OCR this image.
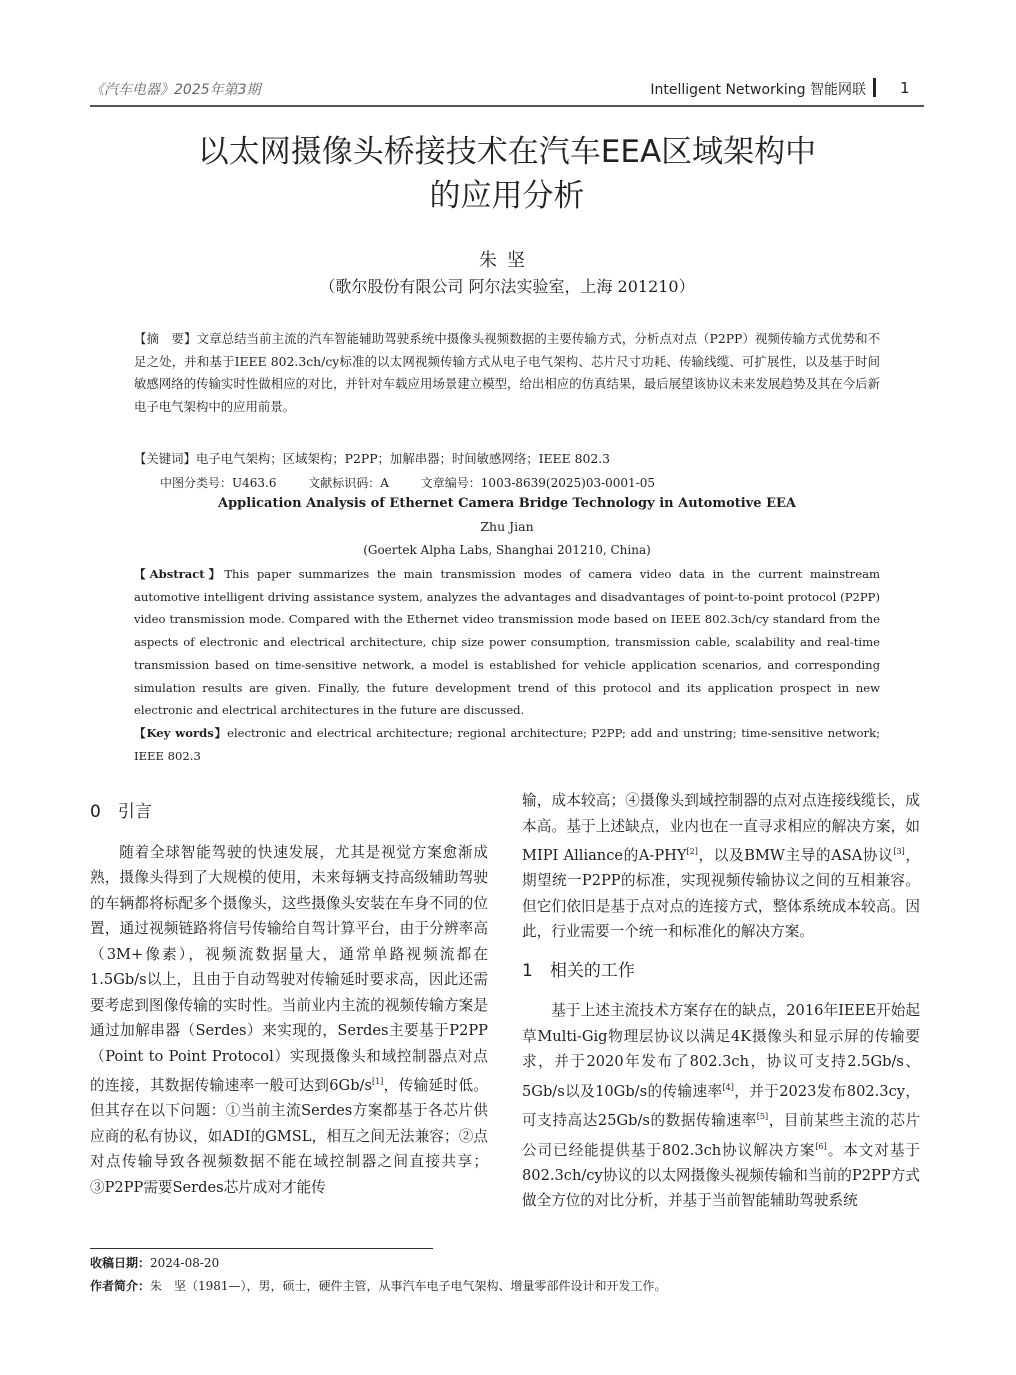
《汽车电器》2025年第3期	Intelligent Networking 智能网联 1
以太网摄像头桥接技术在汽车EEA区域架构中
的应用分析
朱坚
（歌尔股份有限公司 阿尔法实验室，上海 201210）
【摘　要】文章总结当前主流的汽车智能辅助驾驶系统中摄像头视频数据的主要传输方式，分析点对点（P2PP）视频传输方式优势和不足之处，并和基于IEEE 802.3ch/cy标准的以太网视频传输方式从电子电气架构、芯片尺寸功耗、传输线缆、可扩展性，以及基于时间敏感网络的传输实时性做相应的对比，并针对车载应用场景建立模型，给出相应的仿真结果，最后展望该协议未来发展趋势及其在今后新电子电气架构中的应用前景。
【关键词】电子电气架构；区域架构；P2PP；加解串器；时间敏感网络；IEEE 802.3
中图分类号：U463.6	文献标识码：A	文章编号：1003-8639(2025)03-0001-05
Application Analysis of Ethernet Camera Bridge Technology in Automotive EEA
Zhu Jian
(Goertek Alpha Labs, Shanghai 201210, China)
【Abstract】This paper summarizes the main transmission modes of camera video data in the current mainstream automotive intelligent driving assistance system, analyzes the advantages and disadvantages of point-to-point protocol (P2PP) video transmission mode. Compared with the Ethernet video transmission mode based on IEEE 802.3ch/cy standard from the aspects of electronic and electrical architecture, chip size power consumption, transmission cable, scalability and real-time transmission based on time-sensitive network, a model is established for vehicle application scenarios, and corresponding simulation results are given. Finally, the future development trend of this protocol and its application prospect in new electronic and electrical architectures in the future are discussed.
【Key words】electronic and electrical architecture; regional architecture; P2PP; add and unstring; time-sensitive network; IEEE 802.3
0　引言
随着全球智能驾驶的快速发展，尤其是视觉方案愈渐成熟，摄像头得到了大规模的使用，未来每辆支持高级辅助驾驶的车辆都将标配多个摄像头，这些摄像头安装在车身不同的位置，通过视频链路将信号传输给自驾计算平台，由于分辨率高（3M+像素），视频流数据量大，通常单路视频流都在1.5Gb/s以上，且由于自动驾驶对传输延时要求高，因此还需要考虑到图像传输的实时性。当前业内主流的视频传输方案是通过加解串器（Serdes）来实现的，Serdes主要基于P2PP（Point to Point Protocol）实现摄像头和域控制器点对点的连接，其数据传输速率一般可达到6Gb/s[1]，传输延时低。但其存在以下问题：①当前主流Serdes方案都基于各芯片供应商的私有协议，如ADI的GMSL，相互之间无法兼容；②点对点传输导致各视频数据不能在域控制器之间直接共享；③P2PP需要Serdes芯片成对才能传
输，成本较高；④摄像头到域控制器的点对点连接线缆长，成本高。基于上述缺点，业内也在一直寻求相应的解决方案，如MIPI Alliance的A-PHY[2]，以及BMW主导的ASA协议[3]，期望统一P2PP的标准，实现视频传输协议之间的互相兼容。但它们依旧是基于点对点的连接方式，整体系统成本较高。因此，行业需要一个统一和标准化的解决方案。
1　相关的工作
基于上述主流技术方案存在的缺点，2016年IEEE开始起草Multi-Gig物理层协议以满足4K摄像头和显示屏的传输要求，并于2020年发布了802.3ch，协议可支持2.5Gb/s、5Gb/s以及10Gb/s的传输速率[4]，并于2023发布802.3cy，可支持高达25Gb/s的数据传输速率[5]，目前某些主流的芯片公司已经能提供基于802.3ch协议解决方案[6]。本文对基于802.3ch/cy协议的以太网摄像头视频传输和当前的P2PP方式做全方位的对比分析，并基于当前智能辅助驾驶系统
收稿日期：2024-08-20
作者简介：朱　坚（1981—），男，硕士，硬件主管，从事汽车电子电气架构、增量零部件设计和开发工作。
